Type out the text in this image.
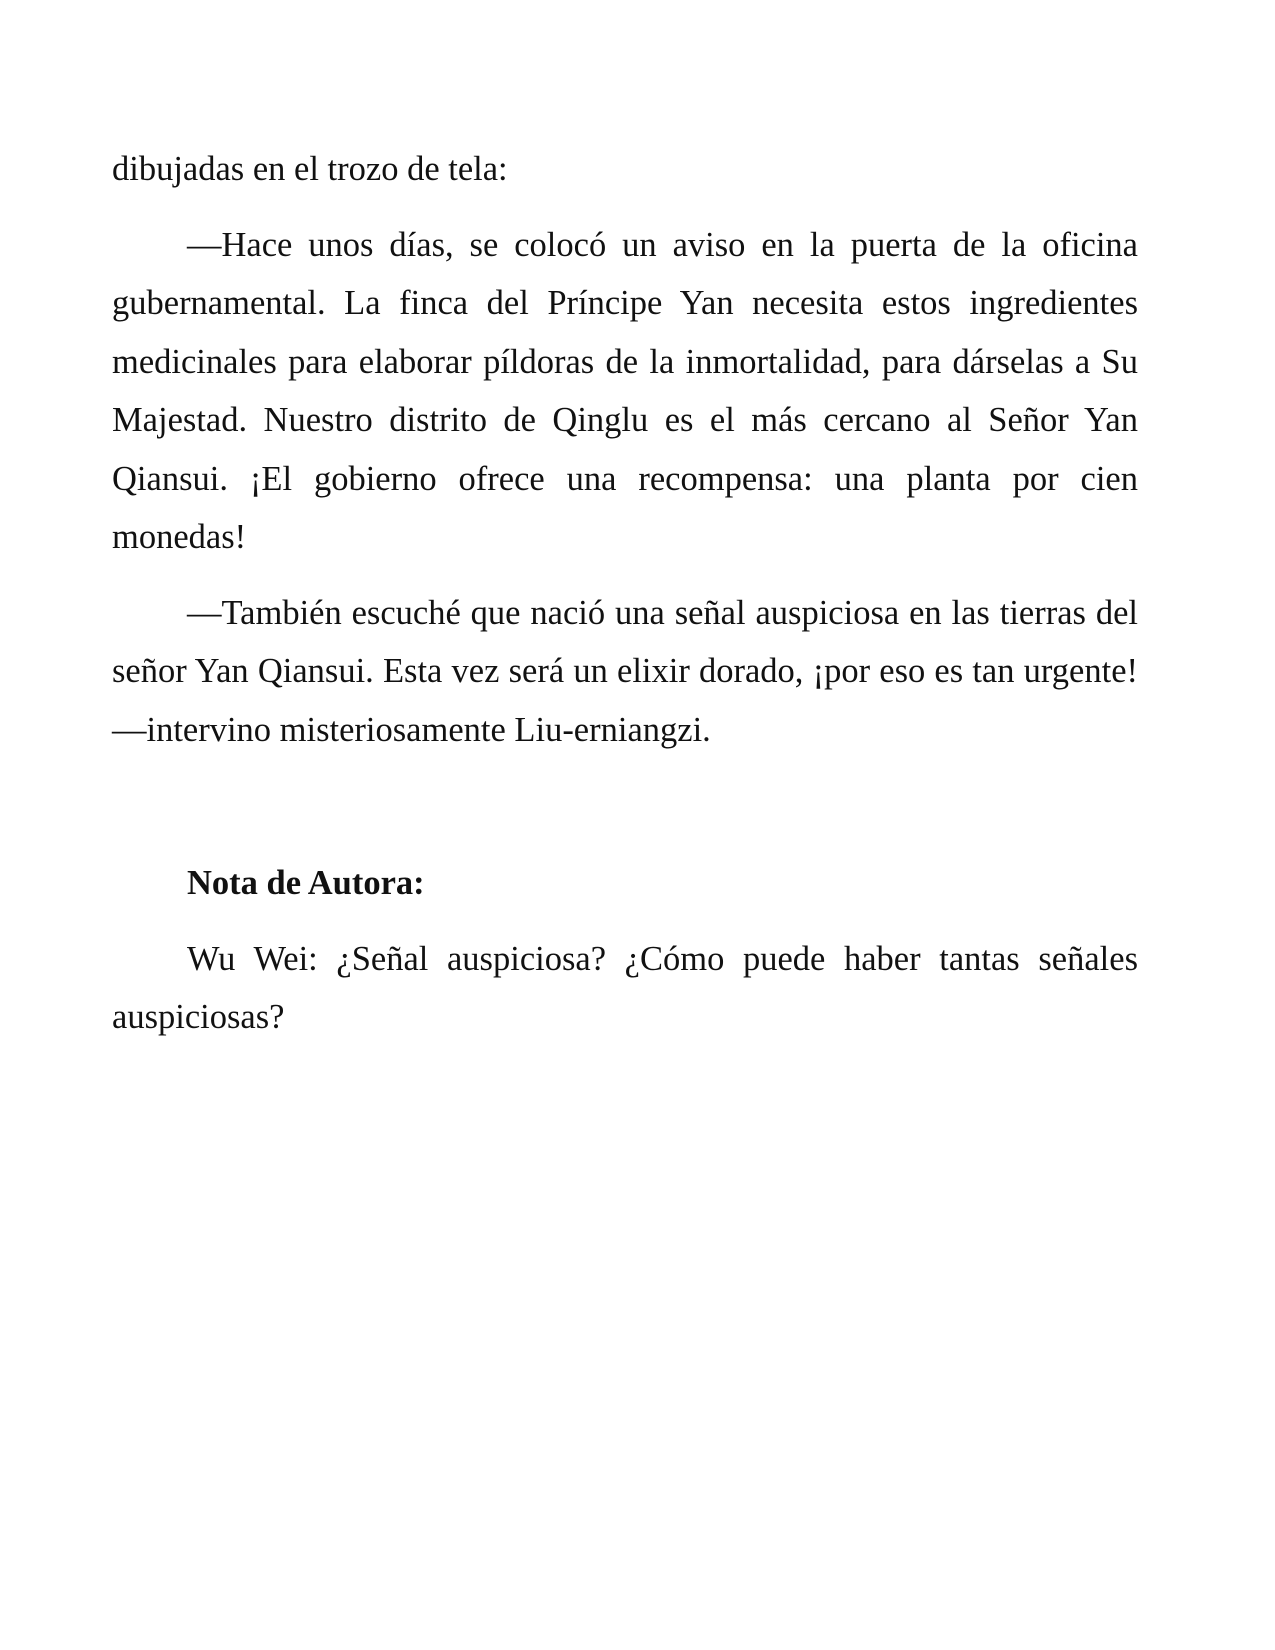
dibujadas en el trozo de tela:

—Hace unos días, se colocó un aviso en la puerta de la oficina gubernamental. La finca del Príncipe Yan necesita estos ingredientes medicinales para elaborar píldoras de la inmortalidad, para dárselas a Su Majestad. Nuestro distrito de Qinglu es el más cercano al Señor Yan Qiansui. ¡El gobierno ofrece una recompensa: una planta por cien monedas!

—También escuché que nació una señal auspiciosa en las tierras del señor Yan Qiansui. Esta vez será un elixir dorado, ¡por eso es tan urgente! —intervino misteriosamente Liu-erniangzi.

Nota de Autora:

Wu Wei: ¿Señal auspiciosa? ¿Cómo puede haber tantas señales auspiciosas?
